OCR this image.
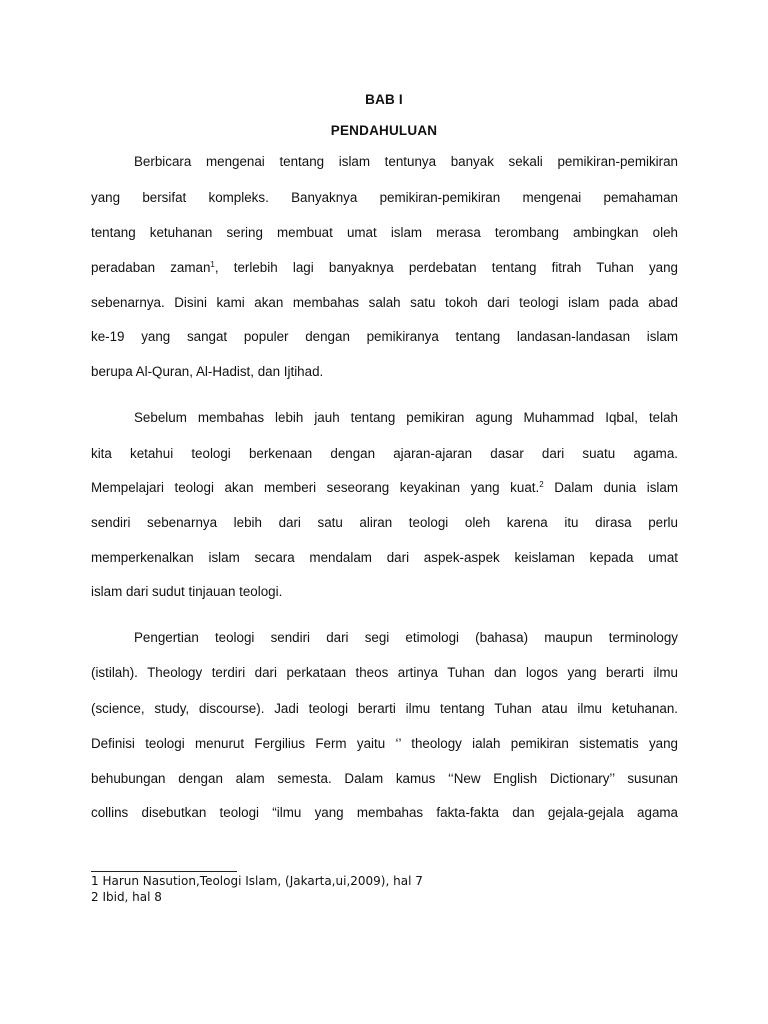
BAB I
PENDAHULUAN
Berbicara mengenai tentang islam tentunya banyak sekali pemikiran-pemikiran
yang bersifat kompleks. Banyaknya pemikiran-pemikiran mengenai pemahaman
tentang ketuhanan sering membuat umat islam merasa terombang ambingkan oleh
peradaban zaman$^1$, terlebih lagi banyaknya perdebatan tentang fitrah Tuhan yang
sebenarnya. Disini kami akan membahas salah satu tokoh dari teologi islam pada abad
ke-19 yang sangat populer dengan pemikiranya tentang landasan-landasan islam
berupa Al-Quran, Al-Hadist, dan Ijtihad.
Sebelum membahas lebih jauh tentang pemikiran agung Muhammad Iqbal, telah
kita ketahui teologi berkenaan dengan ajaran-ajaran dasar dari suatu agama.
Mempelajari teologi akan memberi seseorang keyakinan yang kuat.$^2$ Dalam dunia islam
sendiri sebenarnya lebih dari satu aliran teologi oleh karena itu dirasa perlu
memperkenalkan islam secara mendalam dari aspek-aspek keislaman kepada umat
islam dari sudut tinjauan teologi.
Pengertian teologi sendiri dari segi etimologi (bahasa) maupun terminology
(istilah). Theology terdiri dari perkataan theos artinya Tuhan dan logos yang berarti ilmu
(science, study, discourse). Jadi teologi berarti ilmu tentang Tuhan atau ilmu ketuhanan.
Definisi teologi menurut Fergilius Ferm yaitu ‘’ theology ialah pemikiran sistematis yang
behubungan dengan alam semesta. Dalam kamus ‘‘New English Dictionary’’ susunan
collins disebutkan teologi “ilmu yang membahas fakta-fakta dan gejala-gejala agama
1 Harun Nasution,Teologi Islam, (Jakarta,ui,2009), hal 7
2 Ibid, hal 8
